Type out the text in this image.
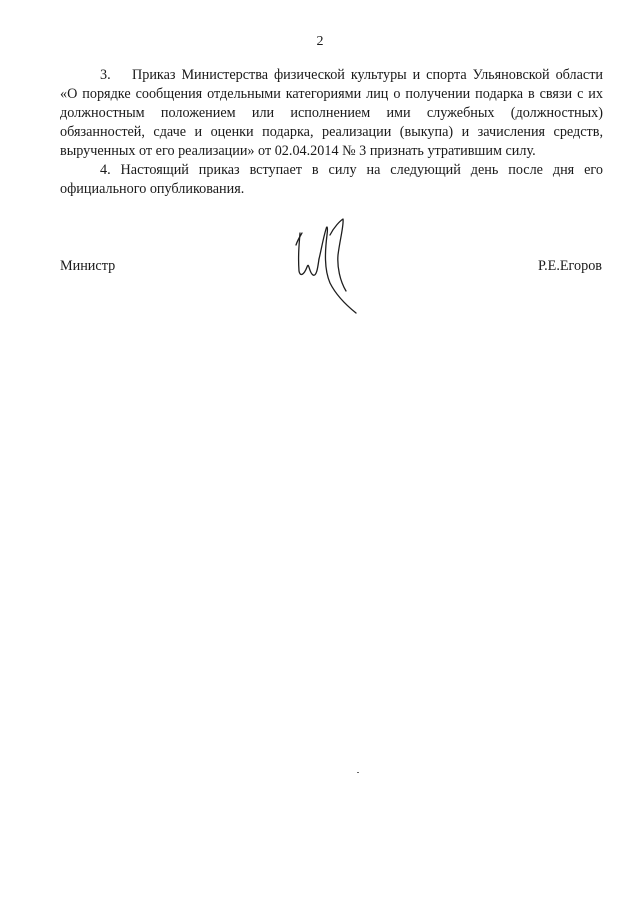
2

3. Приказ Министерства физической культуры и спорта Ульяновской области «О порядке сообщения отдельными категориями лиц о получении подарка в связи с их должностным положением или исполнением ими служебных (должностных) обязанностей, сдаче и оценки подарка, реализации (выкупа) и зачисления средств, вырученных от его реализации» от 02.04.2014 № 3 признать утратившим силу.

4. Настоящий приказ вступает в силу на следующий день после дня его официального опубликования.

Министр	Р.Е.Егоров
